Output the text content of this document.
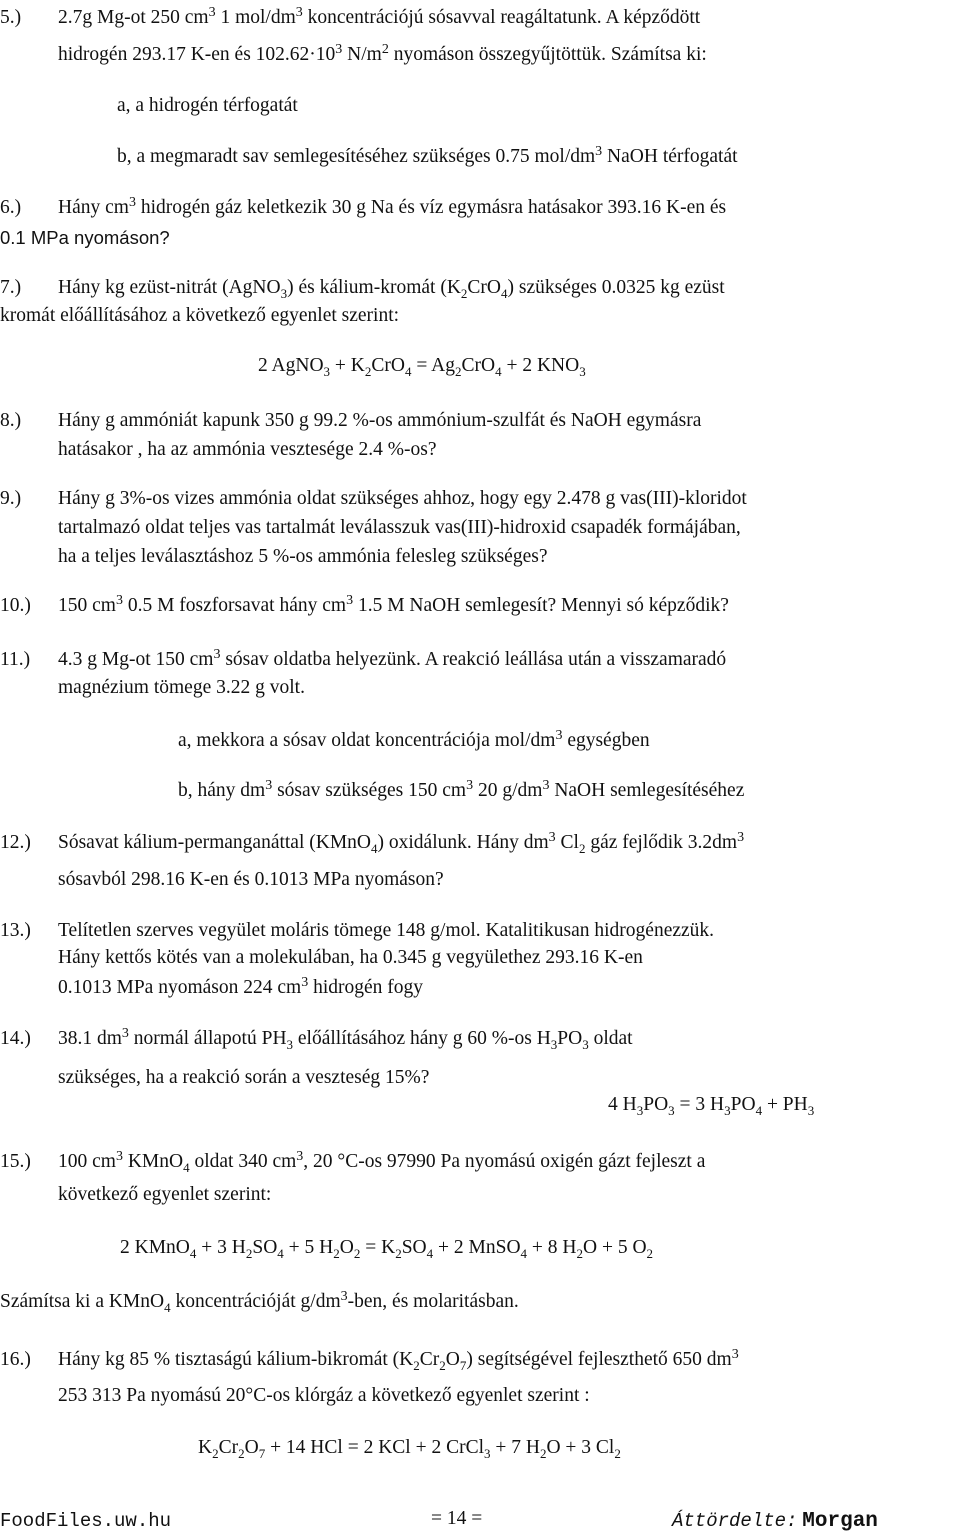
5.) 2.7g Mg-ot 250 $cm^3$ 1 mol/$dm^3$ koncentrációjú sósavval reagáltatunk. A képződött
hidrogén 293.17 K-en és $102.62\cdot 10^3$ $N/m^2$ nyomáson összegyűjtöttük. Számítsa ki:
a, a hidrogén térfogatát
b, a megmaradt sav semlegesítéséhez szükséges 0.75 mol/$dm^3$ NaOH térfogatát
6.) Hány $cm^3$ hidrogén gáz keletkezik 30 g Na és víz egymásra hatásakor 393.16 K-en és
0.1 MPa nyomáson?
7.) Hány kg ezüst-nitrát (AgNO$_3$) és kálium-kromát $(K_2CrO_4)$ szükséges 0.0325 kg ezüst
kromát előállításához a következő egyenlet szerint:
2 AgNO$_3$ + $K_2CrO_4 = Ag_2CrO_4 + 2$ $KNO_3$
8.) Hány g ammóniát kapunk 350 g 99.2 %-os ammónium-szulfát és NaOH egymásra
hatásakor , ha az ammónia vesztesége 2.4 %-os?
9.) Hány g 3%-os vizes ammónia oldat szükséges ahhoz, hogy egy 2.478 g vas(III)-kloridot
tartalmazó oldat teljes vas tartalmát leválasszuk vas(III)-hidroxid csapadék formájában,
ha a teljes leválasztáshoz 5 %-os ammónia felesleg szükséges?
10.) 150 $cm^3$ 0.5 M foszforsavat hány $cm^3$ 1.5 M NaOH semlegesít? Mennyi só képződik?
11.) 4.3 g Mg-ot 150 $cm^3$ sósav oldatba helyezünk. A reakció leállása után a visszamaradó
magnézium tömege 3.22 g volt.
a, mekkora a sósav oldat koncentrációja mol/$dm^3$ egységben
b, hány $dm^3$ sósav szükséges 150 $cm^3$ 20 $g/dm^3$ NaOH semlegesítéséhez
12.) Sósavat kálium-permanganáttal (KMnO$_4$) oxidálunk. Hány $dm^3$ $Cl_2$ gáz fejlődik $3.2dm^3$
sósavból 298.16 K-en és 0.1013 MPa nyomáson?
13.) Telítetlen szerves vegyület moláris tömege 148 g/mol. Katalitikusan hidrogénezzük.
Hány kettős kötés van a molekulában, ha 0.345 g vegyülethez 293.16 K-en
0.1013 MPa nyomáson 224 $cm^3$ hidrogén fogy
14.) 38.1 $dm^3$ normál állapotú $PH_3$ előállításához hány g 60 %-os $H_3PO_3$ oldat
szükséges, ha a reakció során a veszteség 15%?
4 $H_3PO_3 = 3$ $H_3PO_4 + PH_3$
15.) 100 $cm^3$ KMnO$_4$ oldat 340 $cm^3$, 20 °C-os 97990 Pa nyomású oxigén gázt fejleszt a
következő egyenlet szerint:
2 KMnO$_4$ + 3 $H_2SO_4 + 5$ $H_2O_2 = K_2SO_4 + 2$ MnSO$_4$ + 8 $H_2O + 5$ $O_2$
Számítsa ki a KMnO$_4$ koncentrációját $g/dm^3$-ben, és molaritásban.
16.) Hány kg 85 % tisztaságú kálium-bikromát $(K_2Cr_2O_7)$ segítségével fejleszthető 650 $dm^3$
253 313 Pa nyomású 20°C-os klórgáz a következő egyenlet szerint :
$K_2Cr_2O_7 + 14$ HCl = 2 KCl + 2 CrCl$_3$ + 7 $H_2O + 3$ $Cl_2$
FoodFiles.uw.hu	= 14 =	Áttördelte: Morgan
